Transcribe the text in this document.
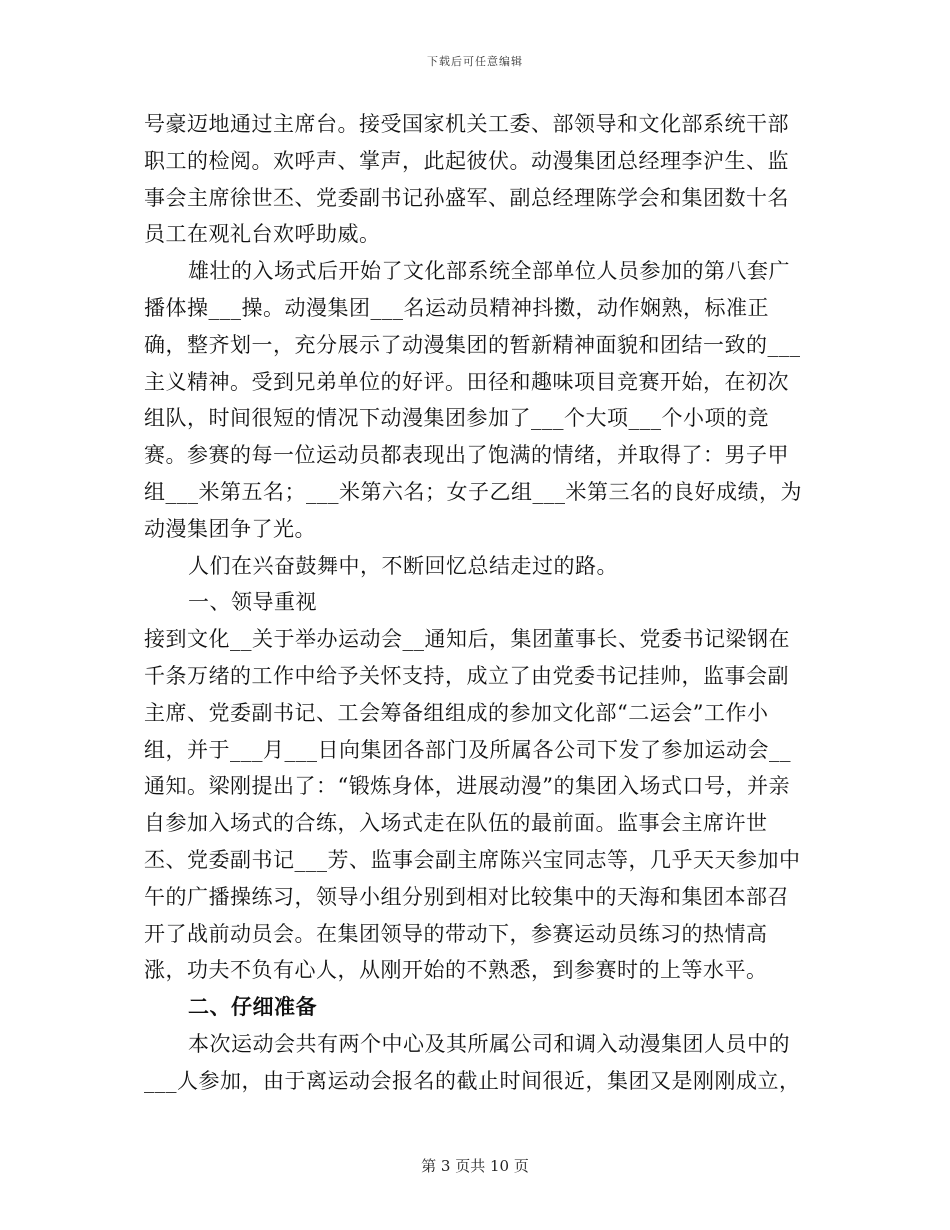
下载后可任意编辑

号豪迈地通过主席台。接受国家机关工委、部领导和文化部系统干部职工的检阅。欢呼声、掌声，此起彼伏。动漫集团总经理李沪生、监事会主席徐世丕、党委副书记孙盛军、副总经理陈学会和集团数十名员工在观礼台欢呼助威。

雄壮的入场式后开始了文化部系统全部单位人员参加的第八套广播体操___操。动漫集团___名运动员精神抖擞，动作娴熟，标准正确，整齐划一，充分展示了动漫集团的暂新精神面貌和团结一致的___主义精神。受到兄弟单位的好评。田径和趣味项目竞赛开始，在初次组队，时间很短的情况下动漫集团参加了___个大项___个小项的竞赛。参赛的每一位运动员都表现出了饱满的情绪，并取得了：男子甲组___米第五名；___米第六名；女子乙组___米第三名的良好成绩，为动漫集团争了光。

人们在兴奋鼓舞中，不断回忆总结走过的路。

一、领导重视

接到文化__关于举办运动会__通知后，集团董事长、党委书记梁钢在千条万绪的工作中给予关怀支持，成立了由党委书记挂帅，监事会副主席、党委副书记、工会筹备组组成的参加文化部“二运会”工作小组，并于___月___日向集团各部门及所属各公司下发了参加运动会__通知。梁刚提出了：“锻炼身体，进展动漫”的集团入场式口号，并亲自参加入场式的合练，入场式走在队伍的最前面。监事会主席许世丕、党委副书记___芳、监事会副主席陈兴宝同志等，几乎天天参加中午的广播操练习，领导小组分别到相对比较集中的天海和集团本部召开了战前动员会。在集团领导的带动下，参赛运动员练习的热情高涨，功夫不负有心人，从刚开始的不熟悉，到参赛时的上等水平。

二、仔细准备

本次运动会共有两个中心及其所属公司和调入动漫集团人员中的___人参加，由于离运动会报名的截止时间很近，集团又是刚刚成立，

第 3 页共 10 页
